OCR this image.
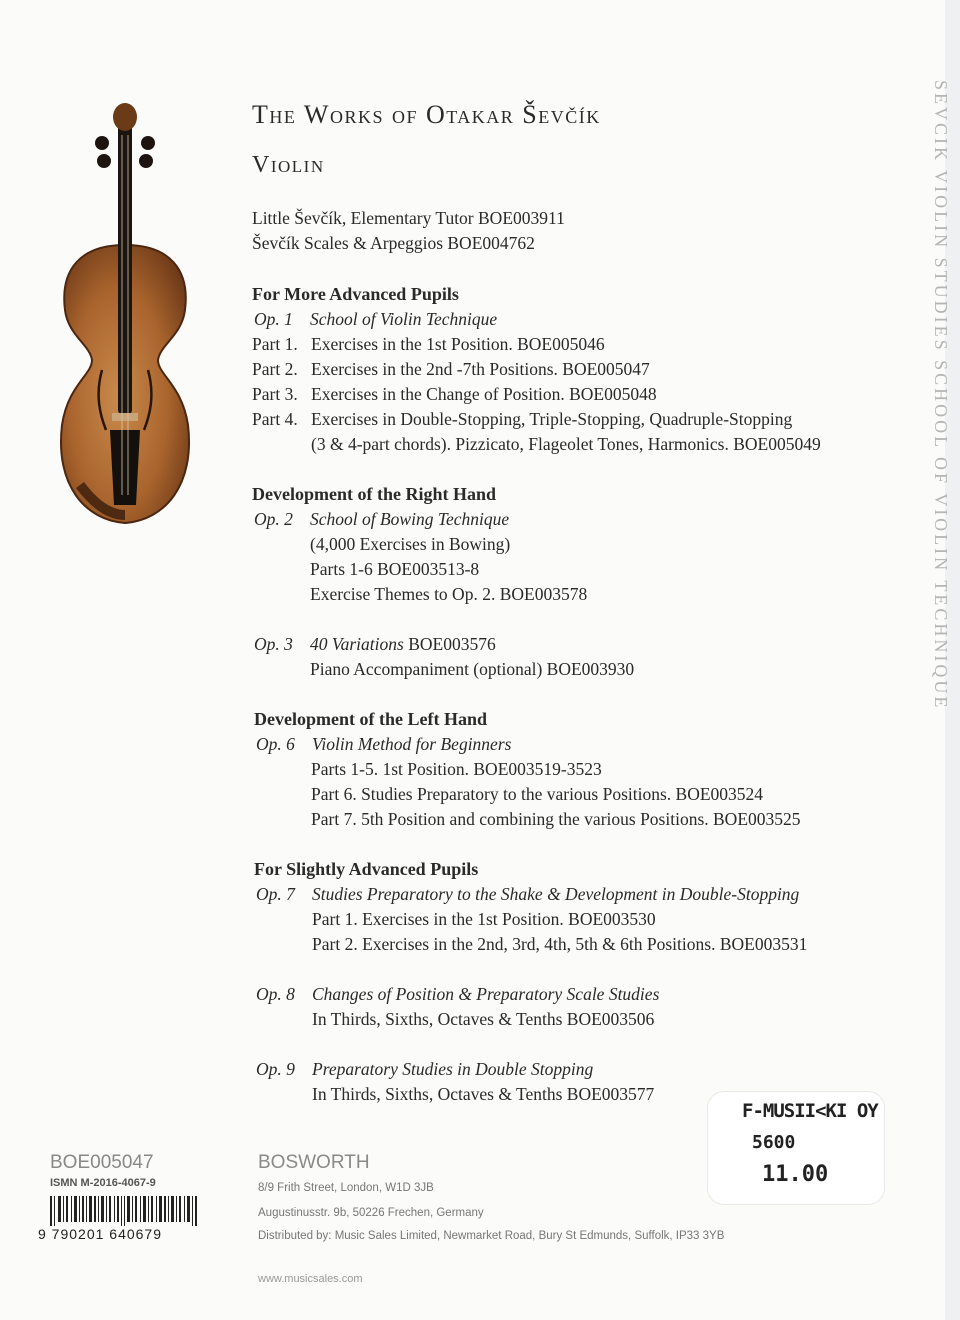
SEVCIK VIOLIN STUDIES SCHOOL OF VIOLIN TECHNIQUE
The Works of Otakar Ševčík
Violin
Little Ševčík, Elementary Tutor BOE003911
Ševčík Scales & Arpeggios BOE004762
For More Advanced Pupils
Op. 1 School of Violin Technique
Part 1. Exercises in the 1st Position. BOE005046
Part 2. Exercises in the 2nd -7th Positions. BOE005047
Part 3. Exercises in the Change of Position. BOE005048
Part 4. Exercises in Double-Stopping, Triple-Stopping, Quadruple-Stopping
(3 & 4-part chords). Pizzicato, Flageolet Tones, Harmonics. BOE005049
Development of the Right Hand
Op. 2 School of Bowing Technique
(4,000 Exercises in Bowing)
Parts 1-6 BOE003513-8
Exercise Themes to Op. 2. BOE003578
Op. 3 40 Variations BOE003576
Piano Accompaniment (optional) BOE003930
Development of the Left Hand
Op. 6 Violin Method for Beginners
Parts 1-5. 1st Position. BOE003519-3523
Part 6. Studies Preparatory to the various Positions. BOE003524
Part 7. 5th Position and combining the various Positions. BOE003525
For Slightly Advanced Pupils
Op. 7 Studies Preparatory to the Shake & Development in Double-Stopping
Part 1. Exercises in the 1st Position. BOE003530
Part 2. Exercises in the 2nd, 3rd, 4th, 5th & 6th Positions. BOE003531
Op. 8 Changes of Position & Preparatory Scale Studies
In Thirds, Sixths, Octaves & Tenths BOE003506
Op. 9 Preparatory Studies in Double Stopping
In Thirds, Sixths, Octaves & Tenths BOE003577
F-MUSII<KI OY
5600
11.00
BOE005047
ISMN M-2016-4067-9
9 790201 640679
BOSWORTH
8/9 Frith Street, London, W1D 3JB
Augustinusstr. 9b, 50226 Frechen, Germany
Distributed by: Music Sales Limited, Newmarket Road, Bury St Edmunds, Suffolk, IP33 3YB
www.musicsales.com
